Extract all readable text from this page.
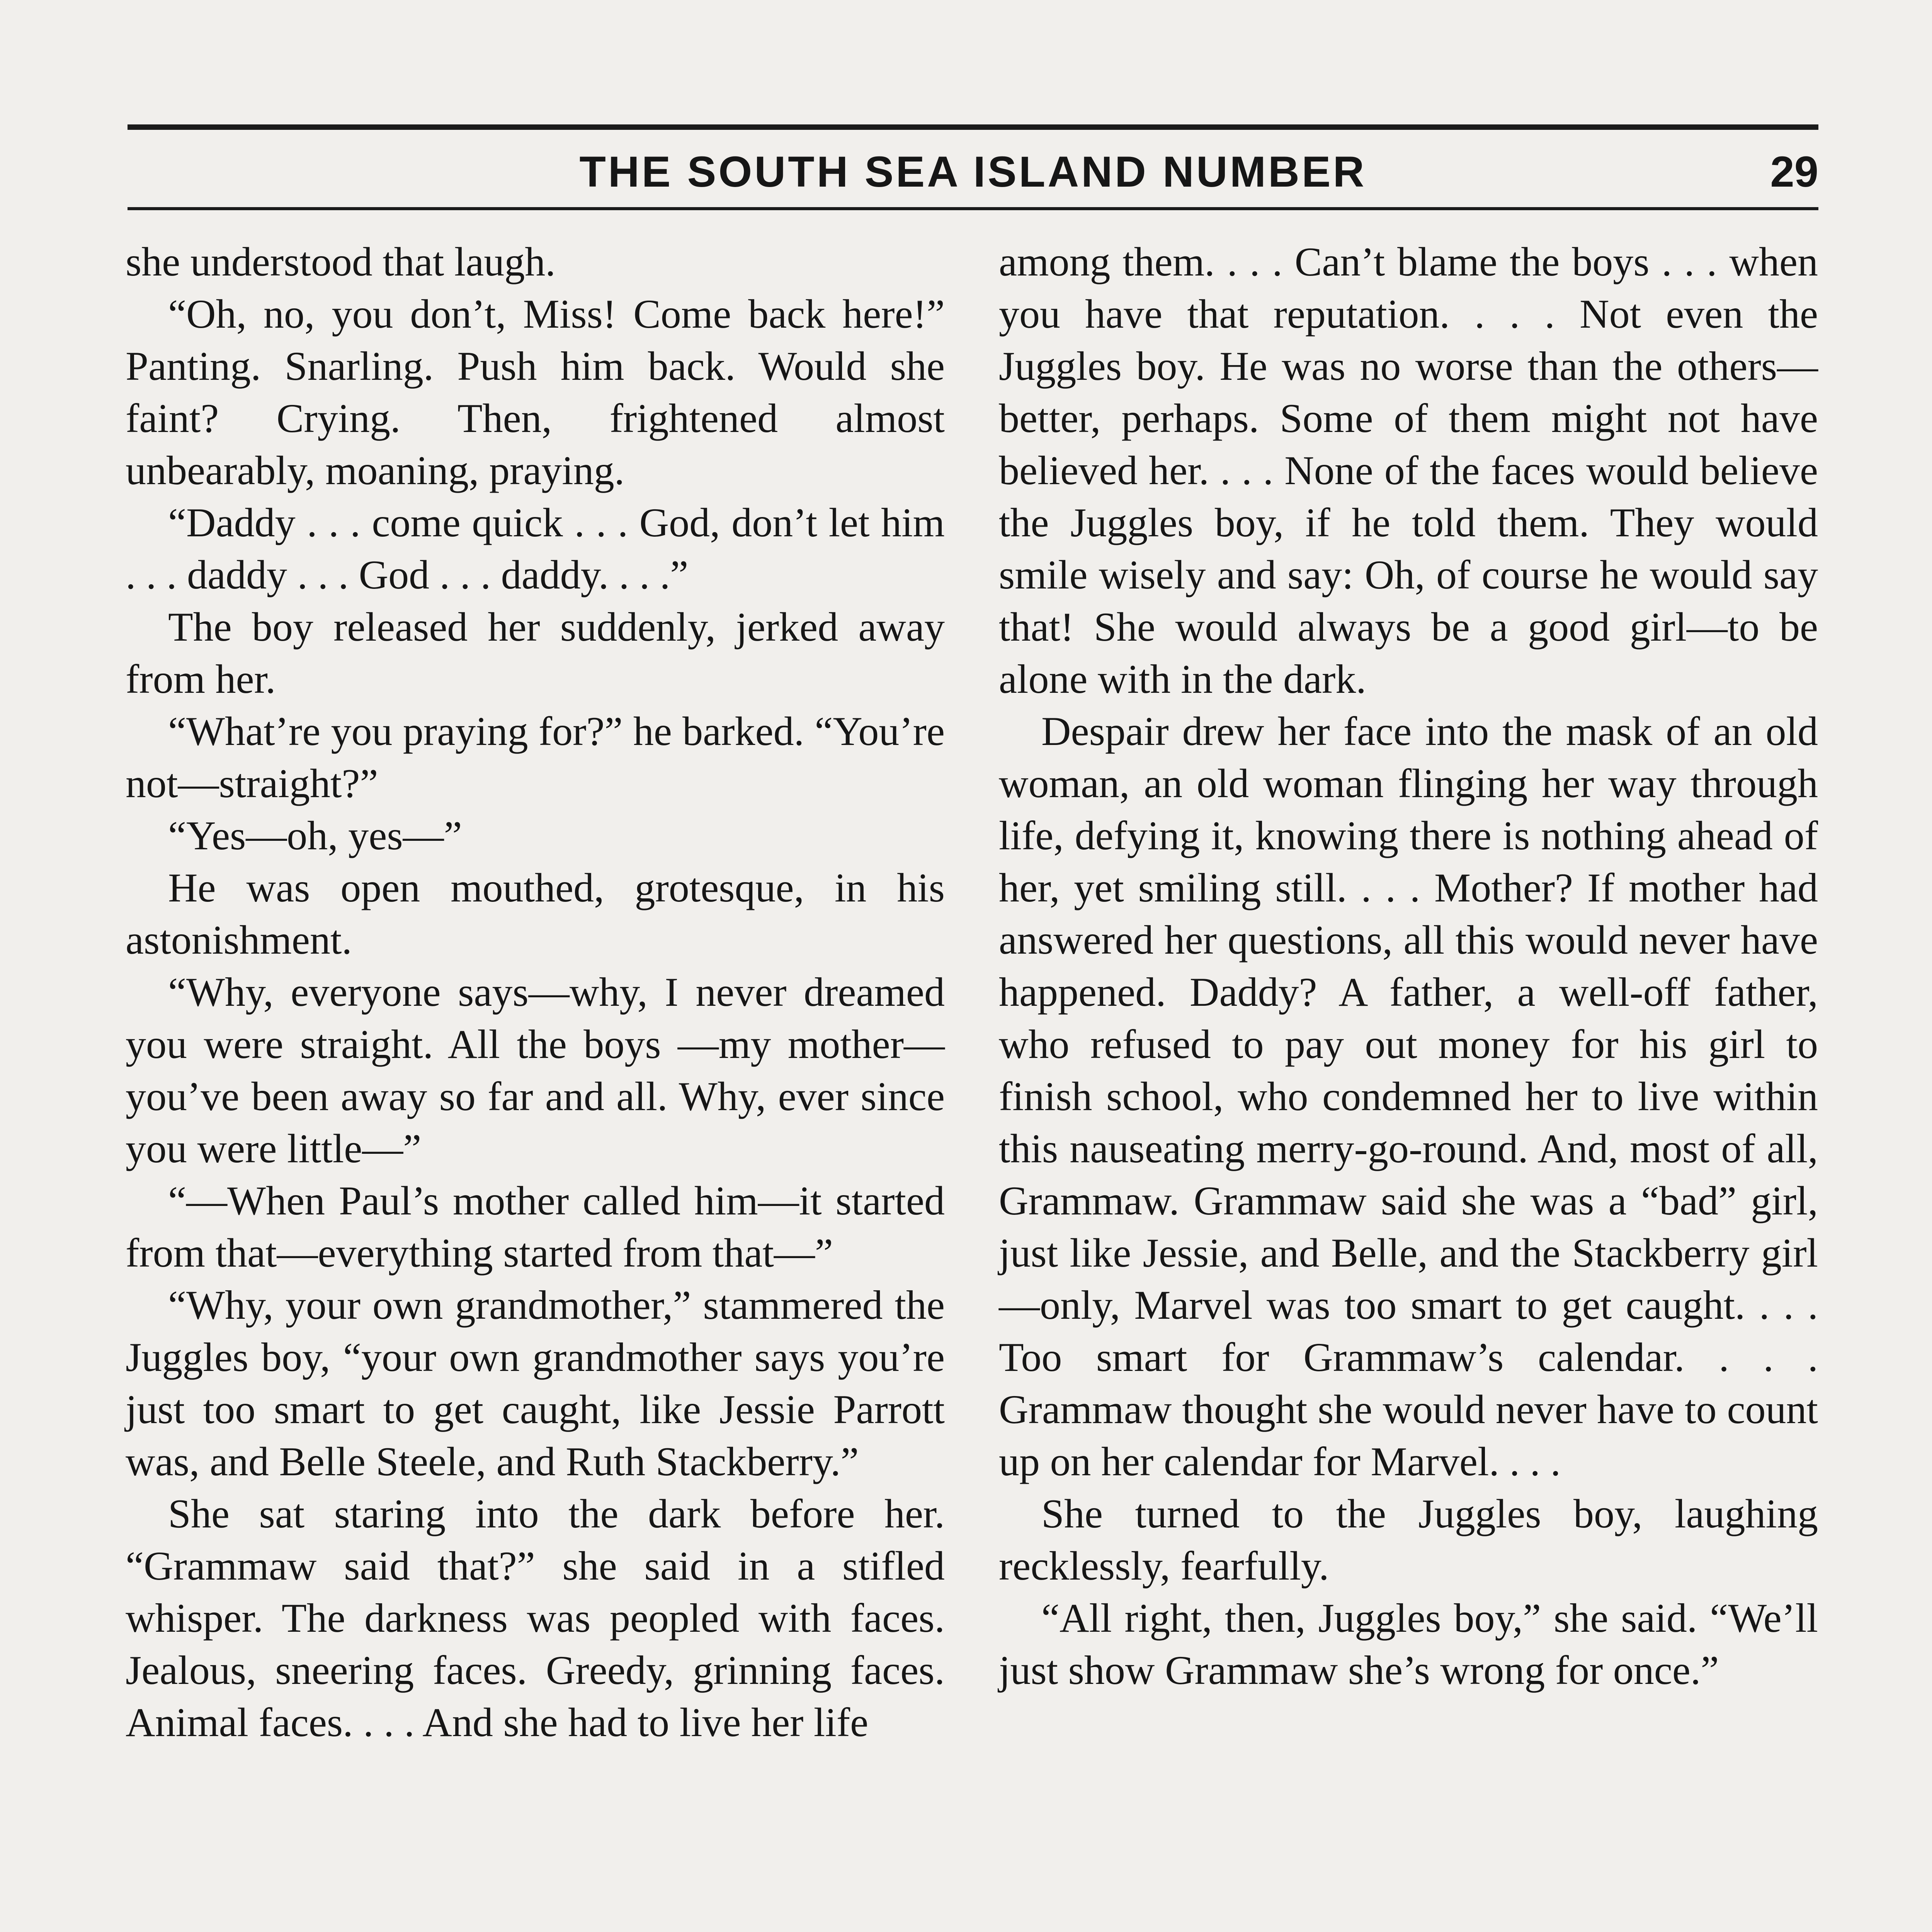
THE SOUTH SEA ISLAND NUMBER	29

she understood that laugh.

“Oh, no, you don’t, Miss! Come back here!” Panting. Snarling. Push him back. Would she faint? Crying. Then, frightened almost unbearably, moaning, praying.

“Daddy . . . come quick . . . God, don’t let him . . . daddy . . . God . . . daddy. . . .”

The boy released her suddenly, jerked away from her.

“What’re you praying for?” he barked. “You’re not—straight?”

“Yes—oh, yes—”

He was open mouthed, grotesque, in his astonishment.

“Why, everyone says—why, I never dreamed you were straight. All the boys —my mother—you’ve been away so far and all. Why, ever since you were little—”

“—When Paul’s mother called him—it started from that—everything started from that—”

“Why, your own grandmother,” stammered the Juggles boy, “your own grandmother says you’re just too smart to get caught, like Jessie Parrott was, and Belle Steele, and Ruth Stackberry.”

She sat staring into the dark before her. “Grammaw said that?” she said in a stifled whisper. The darkness was peopled with faces. Jealous, sneering faces. Greedy, grinning faces. Animal faces. . . . And she had to live her life

among them. . . . Can’t blame the boys . . . when you have that reputation. . . . Not even the Juggles boy. He was no worse than the others—better, perhaps. Some of them might not have believed her. . . . None of the faces would believe the Juggles boy, if he told them. They would smile wisely and say: Oh, of course he would say that! She would always be a good girl—to be alone with in the dark.

Despair drew her face into the mask of an old woman, an old woman flinging her way through life, defying it, knowing there is nothing ahead of her, yet smiling still. . . . Mother? If mother had answered her questions, all this would never have happened. Daddy? A father, a well-off father, who refused to pay out money for his girl to finish school, who condemned her to live within this nauseating merry-go-round. And, most of all, Grammaw. Grammaw said she was a “bad” girl, just like Jessie, and Belle, and the Stackberry girl—only, Marvel was too smart to get caught. . . . Too smart for Grammaw’s calendar. . . . Grammaw thought she would never have to count up on her calendar for Marvel. . . .

She turned to the Juggles boy, laughing recklessly, fearfully.

“All right, then, Juggles boy,” she said. “We’ll just show Grammaw she’s wrong for once.”
